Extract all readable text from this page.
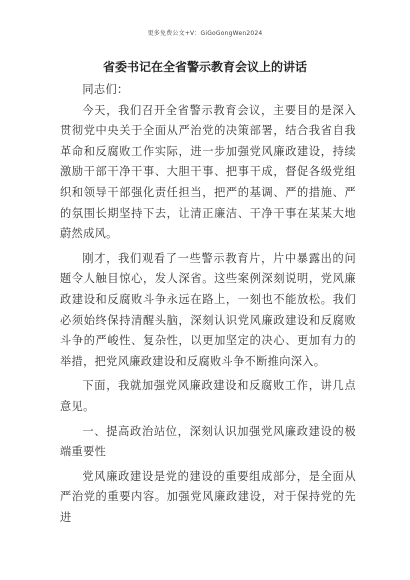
更多免费公文+V：GiGoGongWen2024
省委书记在全省警示教育会议上的讲话

同志们：

今天，我们召开全省警示教育会议，主要目的是深入贯彻党中央关于全面从严治党的决策部署，结合我省自我革命和反腐败工作实际，进一步加强党风廉政建设，持续激励干部干净干事、大胆干事、把事干成，督促各级党组织和领导干部强化责任担当，把严的基调、严的措施、严的氛围长期坚持下去，让清正廉洁、干净干事在某某大地蔚然成风。

刚才，我们观看了一些警示教育片，片中暴露出的问题令人触目惊心，发人深省。这些案例深刻说明，党风廉政建设和反腐败斗争永远在路上，一刻也不能放松。我们必须始终保持清醒头脑，深刻认识党风廉政建设和反腐败斗争的严峻性、复杂性，以更加坚定的决心、更加有力的举措，把党风廉政建设和反腐败斗争不断推向深入。

下面，我就加强党风廉政建设和反腐败工作，讲几点意见。

一、提高政治站位，深刻认识加强党风廉政建设的极端重要性

党风廉政建设是党的建设的重要组成部分，是全面从严治党的重要内容。加强党风廉政建设，对于保持党的先进
